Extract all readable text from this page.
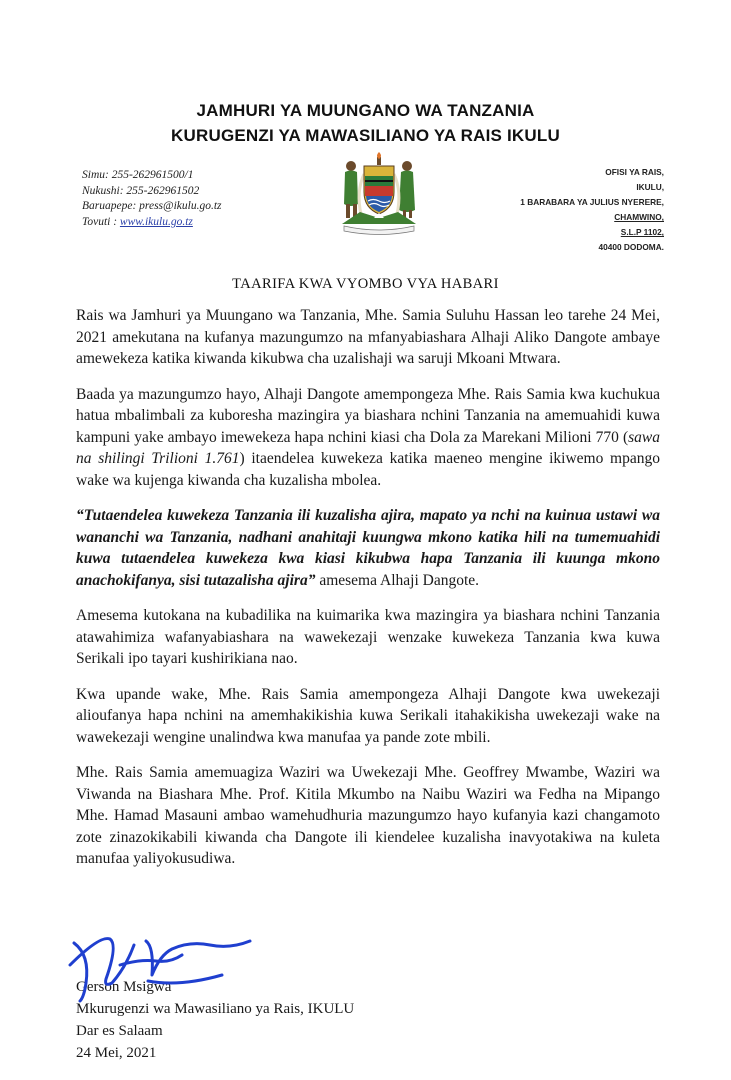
JAMHURI YA MUUNGANO WA TANZANIA
KURUGENZI YA MAWASILIANO YA RAIS IKULU
Simu: 255-262961500/1
Nukushi: 255-262961502
Baruapepe: press@ikulu.go.tz
Tovuti : www.ikulu.go.tz
OFISI YA RAIS,
IKULU,
1 BARABARA YA JULIUS NYERERE,
CHAMWINO,
S.L.P 1102,
40400 DODOMA.
TAARIFA KWA VYOMBO VYA HABARI

Rais wa Jamhuri ya Muungano wa Tanzania, Mhe. Samia Suluhu Hassan leo tarehe 24 Mei, 2021 amekutana na kufanya mazungumzo na mfanyabiashara Alhaji Aliko Dangote ambaye amewekeza katika kiwanda kikubwa cha uzalishaji wa saruji Mkoani Mtwara.

Baada ya mazungumzo hayo, Alhaji Dangote amempongeza Mhe. Rais Samia kwa kuchukua hatua mbalimbali za kuboresha mazingira ya biashara nchini Tanzania na amemuahidi kuwa kampuni yake ambayo imewekeza hapa nchini kiasi cha Dola za Marekani Milioni 770 (sawa na shilingi Trilioni 1.761) itaendelea kuwekeza katika maeneo mengine ikiwemo mpango wake wa kujenga kiwanda cha kuzalisha mbolea.

“Tutaendelea kuwekeza Tanzania ili kuzalisha ajira, mapato ya nchi na kuinua ustawi wa wananchi wa Tanzania, nadhani anahitaji kuungwa mkono katika hili na tumemuahidi kuwa tutaendelea kuwekeza kwa kiasi kikubwa hapa Tanzania ili kuunga mkono anachokifanya, sisi tutazalisha ajira” amesema Alhaji Dangote.

Amesema kutokana na kubadilika na kuimarika kwa mazingira ya biashara nchini Tanzania atawahimiza wafanyabiashara na wawekezaji wenzake kuwekeza Tanzania kwa kuwa Serikali ipo tayari kushirikiana nao.

Kwa upande wake, Mhe. Rais Samia amempongeza Alhaji Dangote kwa uwekezaji alioufanya hapa nchini na amemhakikishia kuwa Serikali itahakikisha uwekezaji wake na wawekezaji wengine unalindwa kwa manufaa ya pande zote mbili.

Mhe. Rais Samia amemuagiza Waziri wa Uwekezaji Mhe. Geoffrey Mwambe, Waziri wa Viwanda na Biashara Mhe. Prof. Kitila Mkumbo na Naibu Waziri wa Fedha na Mipango Mhe. Hamad Masauni ambao wamehudhuria mazungumzo hayo kufanyia kazi changamoto zote zinazokikabili kiwanda cha Dangote ili kiendelee kuzalisha inavyotakiwa na kuleta manufaa yaliyokusudiwa.

Gerson Msigwa
Mkurugenzi wa Mawasiliano ya Rais, IKULU
Dar es Salaam
24 Mei, 2021
